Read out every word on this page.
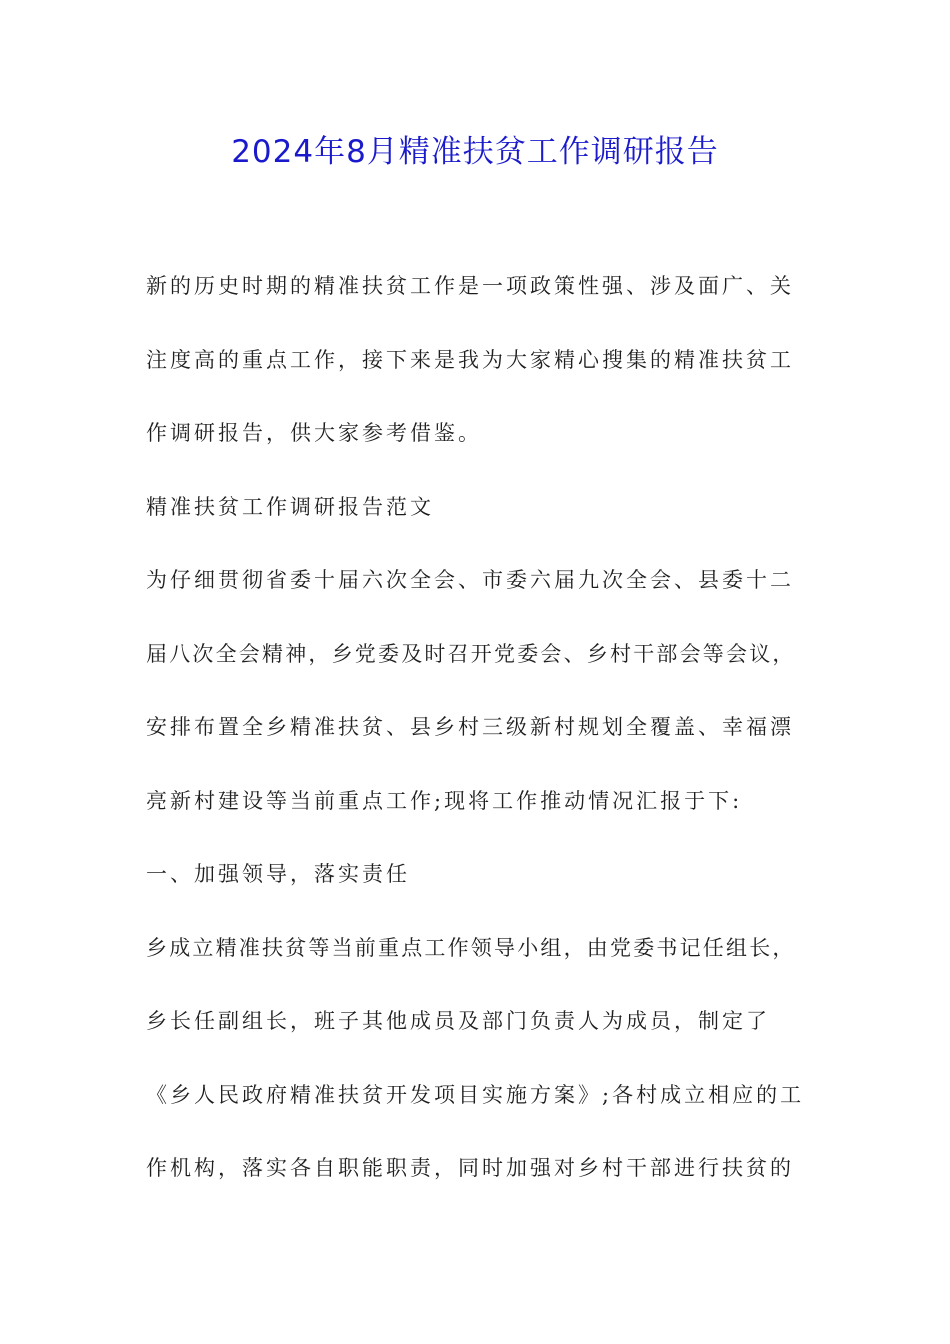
2024年8月精准扶贫工作调研报告
新的历史时期的精准扶贫工作是一项政策性强、涉及面广、关
注度高的重点工作，接下来是我为大家精心搜集的精准扶贫工
作调研报告，供大家参考借鉴。
精准扶贫工作调研报告范文
为仔细贯彻省委十届六次全会、市委六届九次全会、县委十二
届八次全会精神，乡党委及时召开党委会、乡村干部会等会议，
安排布置全乡精准扶贫、县乡村三级新村规划全覆盖、幸福漂
亮新村建设等当前重点工作;现将工作推动情况汇报于下:
一、加强领导，落实责任
乡成立精准扶贫等当前重点工作领导小组，由党委书记任组长，
乡长任副组长，班子其他成员及部门负责人为成员，制定了
《乡人民政府精准扶贫开发项目实施方案》;各村成立相应的工
作机构，落实各自职能职责，同时加强对乡村干部进行扶贫的
